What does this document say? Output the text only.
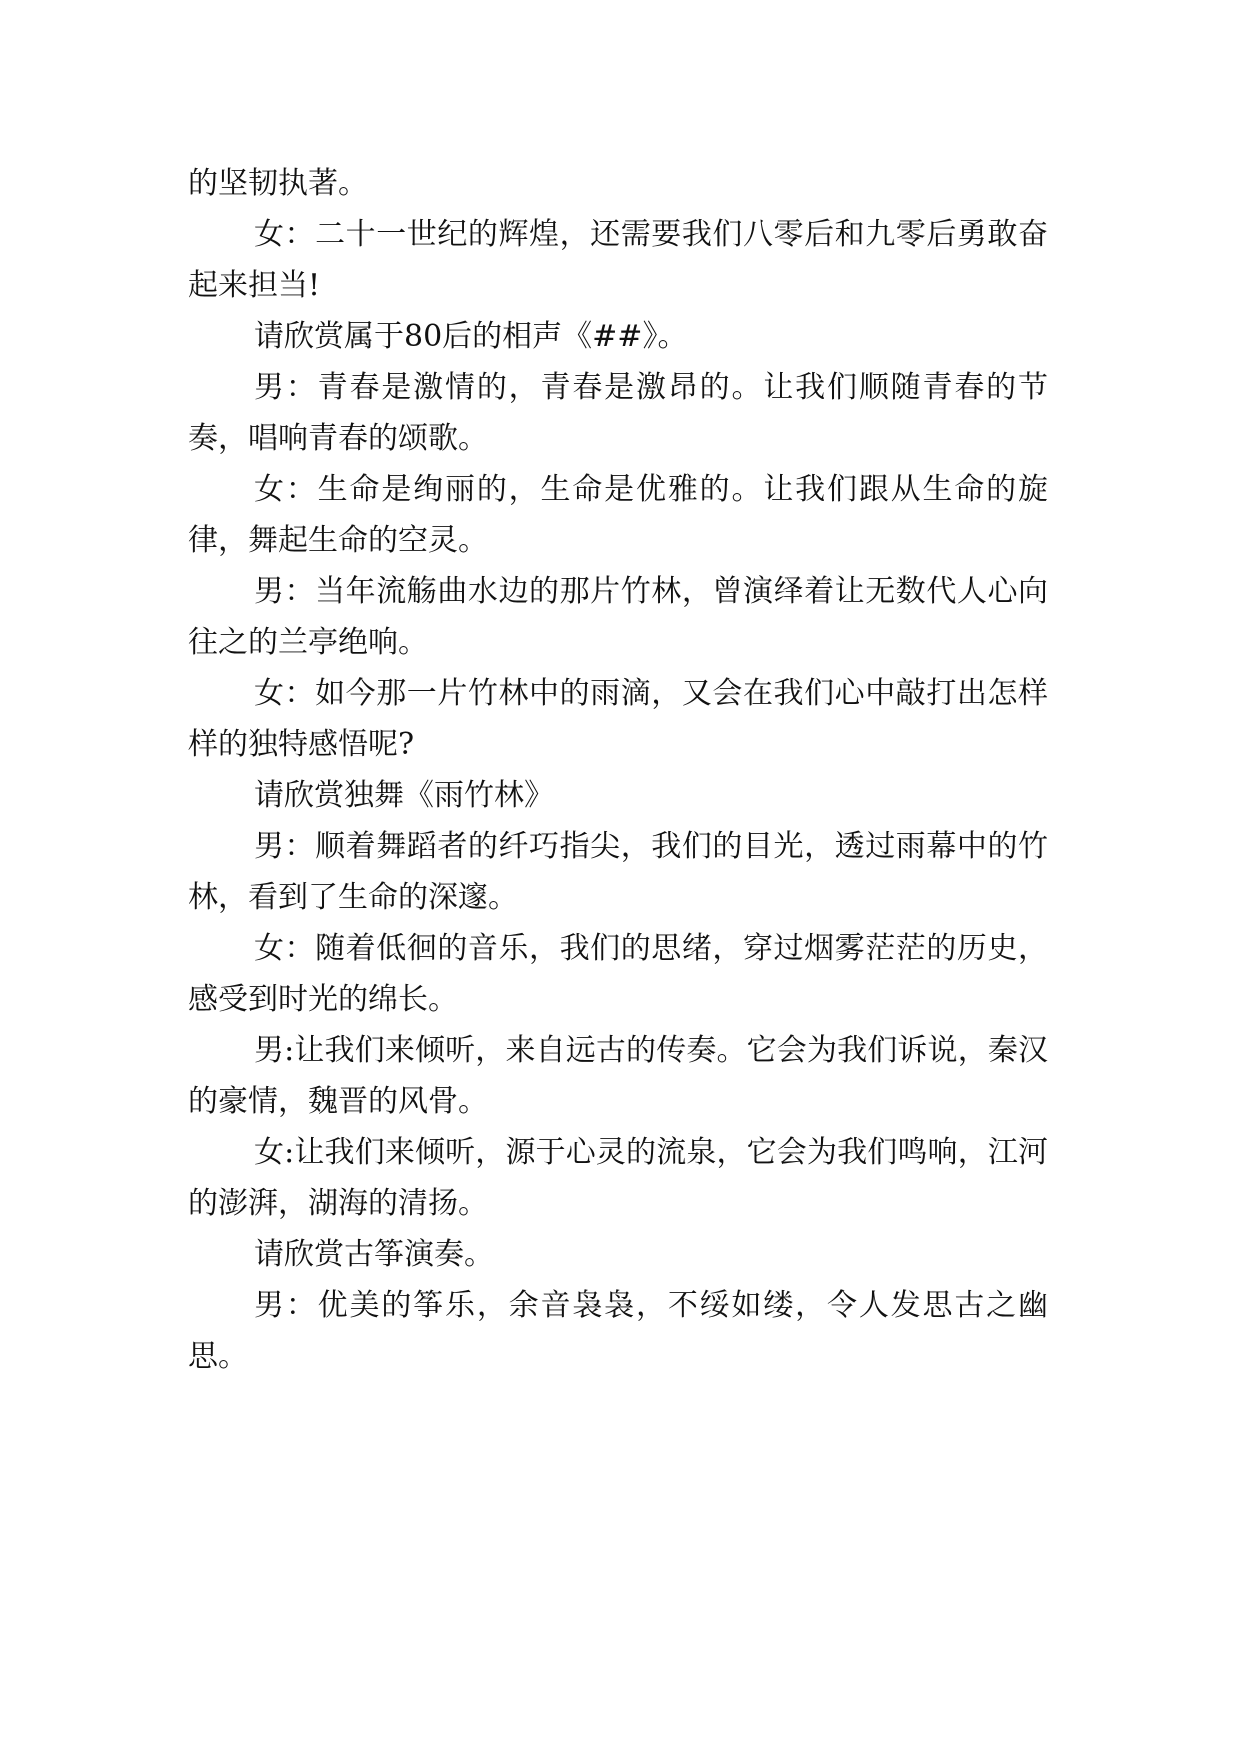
的坚韧执著。

女：二十一世纪的辉煌，还需要我们八零后和九零后勇敢奋起来担当!

请欣赏属于80后的相声《##》。

男：青春是激情的，青春是激昂的。让我们顺随青春的节奏，唱响青春的颂歌。

女：生命是绚丽的，生命是优雅的。让我们跟从生命的旋律，舞起生命的空灵。

男：当年流觞曲水边的那片竹林，曾演绎着让无数代人心向往之的兰亭绝响。

女：如今那一片竹林中的雨滴，又会在我们心中敲打出怎样样的独特感悟呢?

请欣赏独舞《雨竹林》

男：顺着舞蹈者的纤巧指尖，我们的目光，透过雨幕中的竹林，看到了生命的深邃。

女：随着低徊的音乐，我们的思绪，穿过烟雾茫茫的历史，感受到时光的绵长。

男:让我们来倾听，来自远古的传奏。它会为我们诉说，秦汉的豪情，魏晋的风骨。

女:让我们来倾听，源于心灵的流泉，它会为我们鸣响，江河的澎湃，湖海的清扬。

请欣赏古筝演奏。

男：优美的筝乐，余音袅袅，不绥如缕，令人发思古之幽思。
